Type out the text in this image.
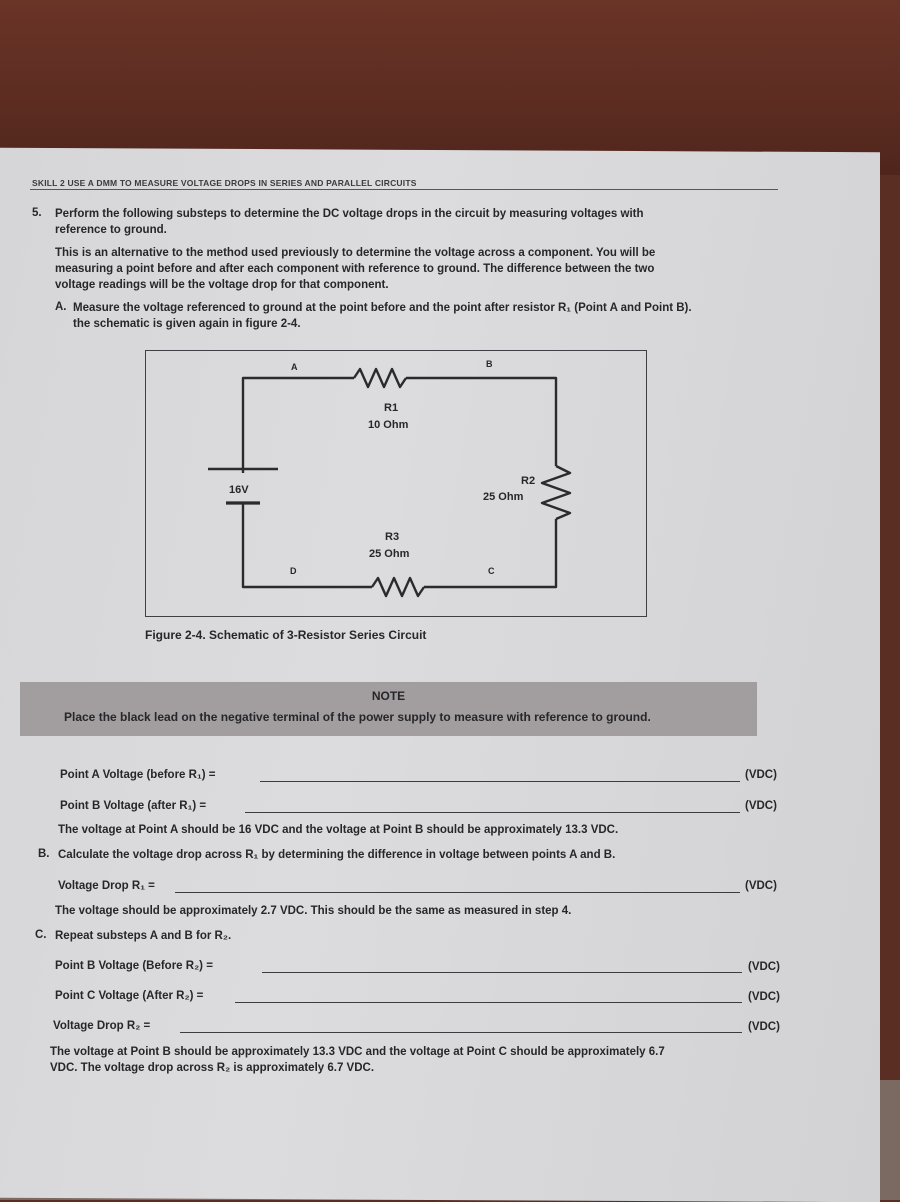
SKILL 2 USE A DMM TO MEASURE VOLTAGE DROPS IN SERIES AND PARALLEL CIRCUITS
5. Perform the following substeps to determine the DC voltage drops in the circuit by measuring voltages with
reference to ground.
This is an alternative to the method used previously to determine the voltage across a component. You will be
measuring a point before and after each component with reference to ground. The difference between the two
voltage readings will be the voltage drop for that component.
A. Measure the voltage referenced to ground at the point before and the point after resistor R₁ (Point A and Point B).
the schematic is given again in figure 2-4.
A	B
C
D
R1
10 Ohm
R2
25 Ohm
R3
25 Ohm
16V
Figure 2-4. Schematic of 3-Resistor Series Circuit
NOTE
Place the black lead on the negative terminal of the power supply to measure with reference to ground.
Point A Voltage (before R₁) =	(VDC)
Point B Voltage (after R₁) =	(VDC)
The voltage at Point A should be 16 VDC and the voltage at Point B should be approximately 13.3 VDC.
B. Calculate the voltage drop across R₁ by determining the difference in voltage between points A and B.
Voltage Drop R₁ =	(VDC)
The voltage should be approximately 2.7 VDC. This should be the same as measured in step 4.
C. Repeat substeps A and B for R₂.
Point B Voltage (Before R₂) =	(VDC)
Point C Voltage (After R₂) =	(VDC)
Voltage Drop R₂ =	(VDC)
The voltage at Point B should be approximately 13.3 VDC and the voltage at Point C should be approximately 6.7
VDC. The voltage drop across R₂ is approximately 6.7 VDC.
